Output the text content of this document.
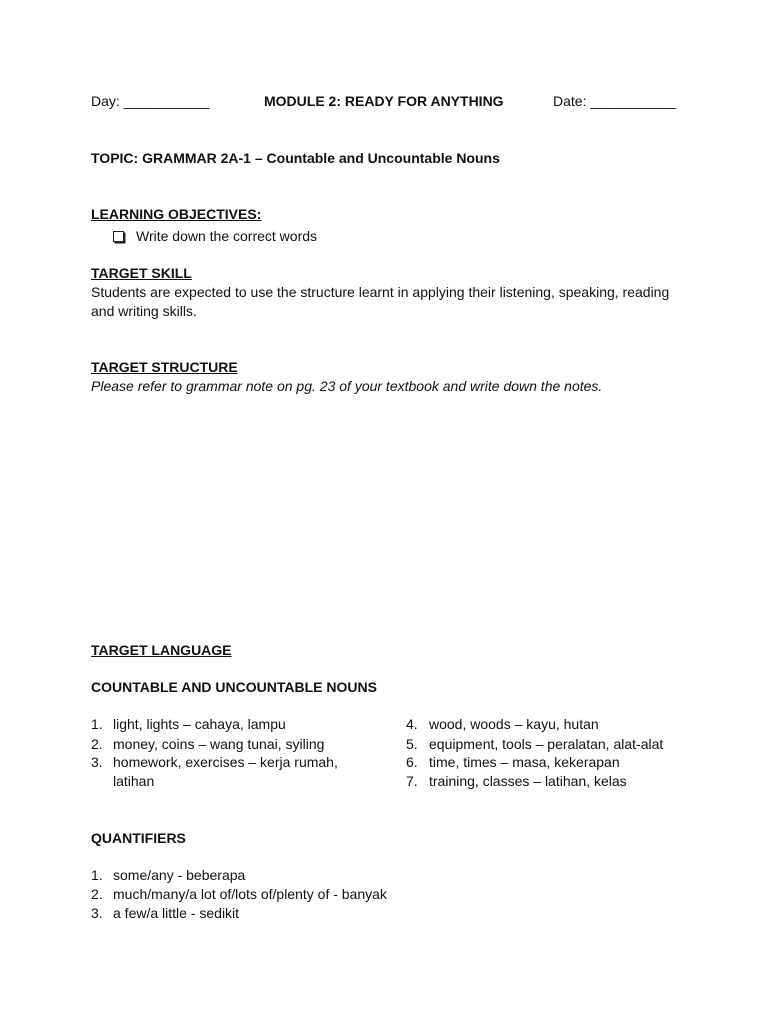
Day: ___________	MODULE 2: READY FOR ANYTHING	Date: ___________
TOPIC: GRAMMAR 2A-1 – Countable and Uncountable Nouns
LEARNING OBJECTIVES:
Write down the correct words
TARGET SKILL
Students are expected to use the structure learnt in applying their listening, speaking, reading
and writing skills.
TARGET STRUCTURE
Please refer to grammar note on pg. 23 of your textbook and write down the notes.
TARGET LANGUAGE
COUNTABLE AND UNCOUNTABLE NOUNS
1. light, lights – cahaya, lampu
2. money, coins – wang tunai, syiling
3. homework, exercises – kerja rumah,
latihan
4. wood, woods – kayu, hutan
5. equipment, tools – peralatan, alat-alat
6. time, times – masa, kekerapan
7. training, classes – latihan, kelas
QUANTIFIERS
1. some/any - beberapa
2. much/many/a lot of/lots of/plenty of - banyak
3. a few/a little - sedikit
